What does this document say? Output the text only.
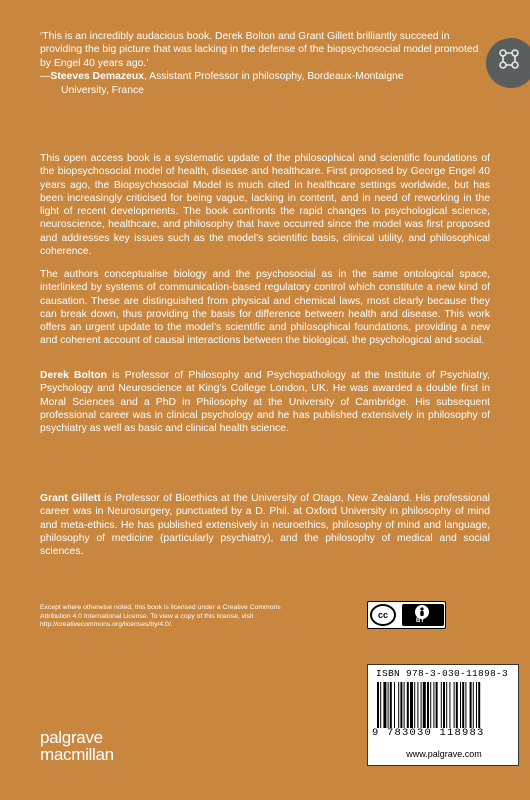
‘This is an incredibly audacious book. Derek Bolton and Grant Gillett brilliantly succeed in providing the big picture that was lacking in the defense of the biopsychosocial model promoted by Engel 40 years ago.’

—Steeves Demazeux, Assistant Professor in philosophy, Bordeaux-Montaigne

University, France

This open access book is a systematic update of the philosophical and scientific foundations of the biopsychosocial model of health, disease and healthcare. First proposed by George Engel 40 years ago, the Biopsychosocial Model is much cited in healthcare settings worldwide, but has been increasingly criticised for being vague, lacking in content, and in need of reworking in the light of recent developments. The book confronts the rapid changes to psychological science, neuroscience, healthcare, and philosophy that have occurred since the model was first proposed and addresses key issues such as the model’s scientific basis, clinical utility, and philosophical coherence.

The authors conceptualise biology and the psychosocial as in the same ontological space, interlinked by systems of communication-based regulatory control which constitute a new kind of causation. These are distinguished from physical and chemical laws, most clearly because they can break down, thus providing the basis for difference between health and disease. This work offers an urgent update to the model’s scientific and philosophical foundations, providing a new and coherent account of causal interactions between the biological, the psychological and social.

Derek Bolton is Professor of Philosophy and Psychopathology at the Institute of Psychiatry, Psychology and Neuroscience at King’s College London, UK. He was awarded a double first in Moral Sciences and a PhD in Philosophy at the University of Cambridge. His subsequent professional career was in clinical psychology and he has published extensively in philosophy of psychiatry as well as basic and clinical health science.

Grant Gillett is Professor of Bioethics at the University of Otago, New Zealand. His professional career was in Neurosurgery, punctuated by a D. Phil. at Oxford University in philosophy of mind and meta-ethics. He has published extensively in neuroethics, philosophy of mind and language, philosophy of medicine (particularly psychiatry), and the philosophy of medical and social sciences.

Except where otherwise noted, this book is licensed under a Creative Commons Attribution 4.0 International License. To view a copy of this license, visit http://creativecommons.org/licenses/by/4.0/.

cc
BY
ISBN 978-3-030-11898-3
9 783030 118983
www.palgrave.com
palgrave
macmillan
